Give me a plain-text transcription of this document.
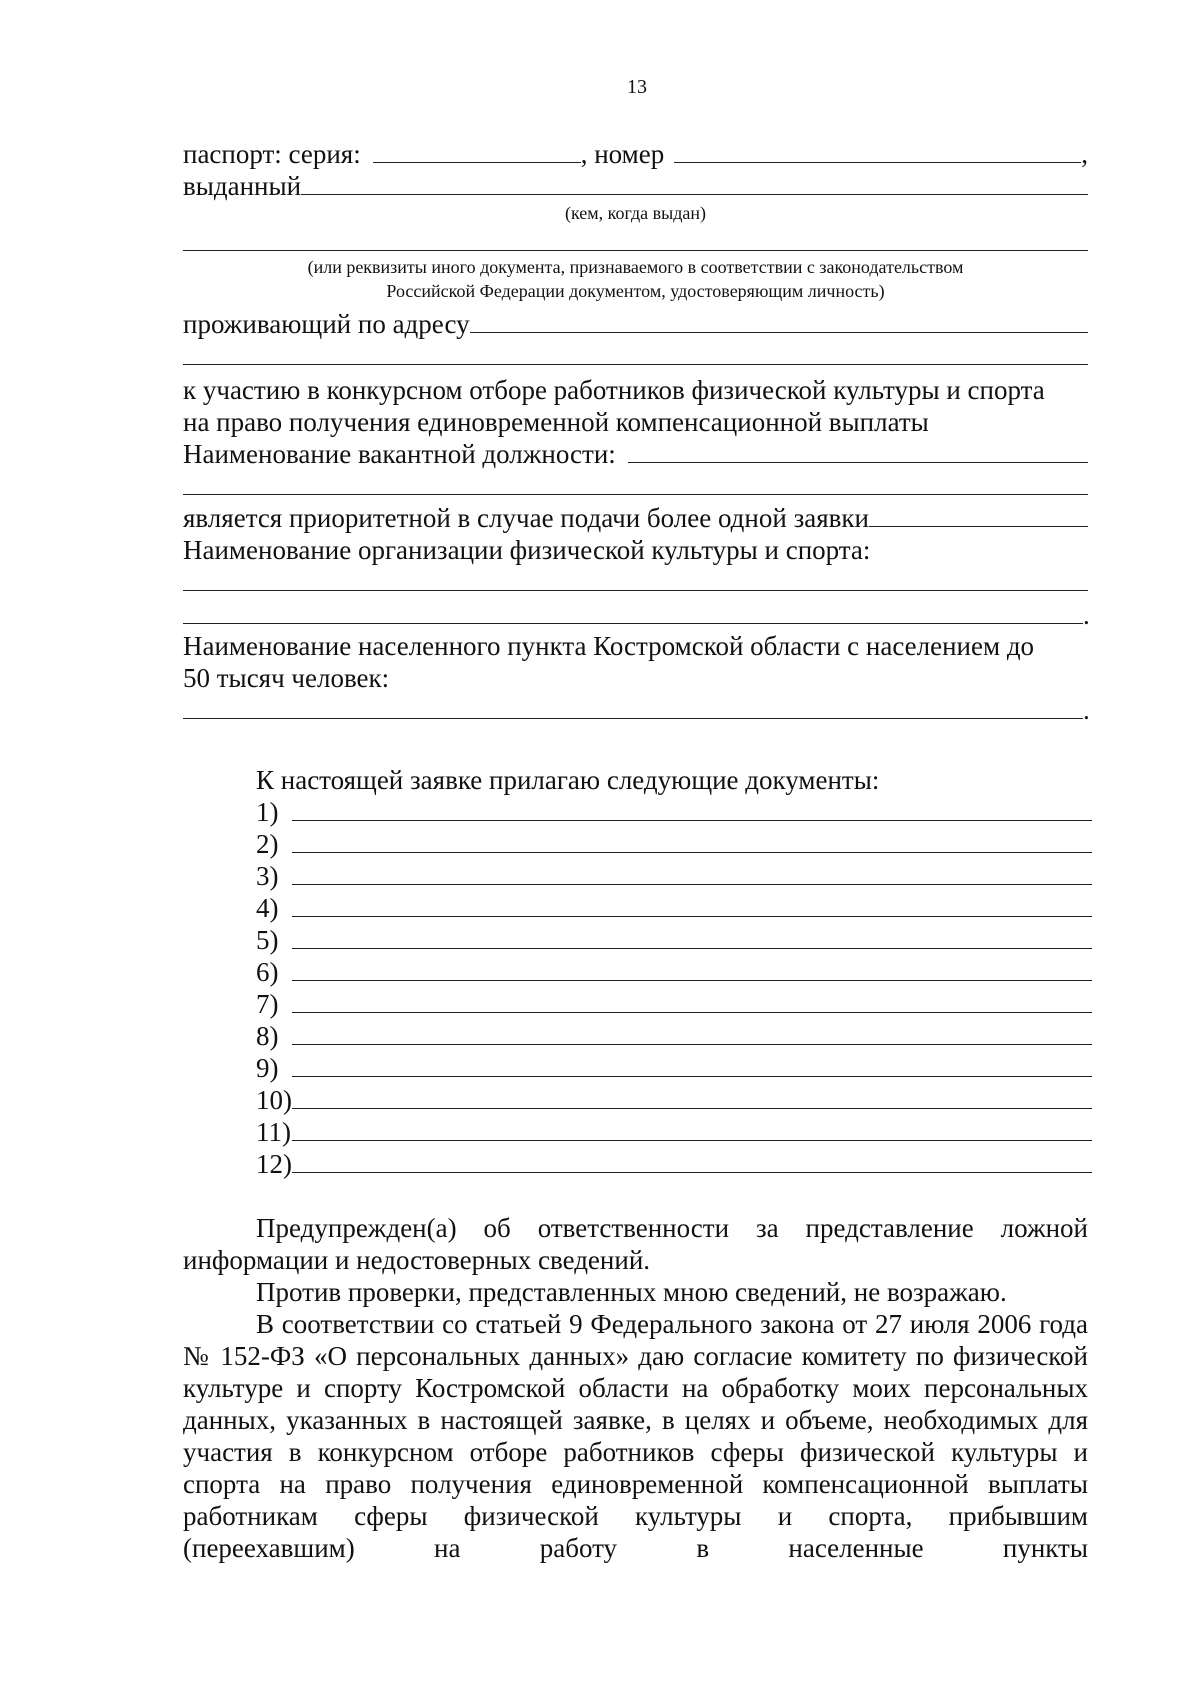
13
паспорт: серия:	, номер	,
выданный
(кем, когда выдан)
(или реквизиты иного документа, признаваемого в соответствии с законодательством
Российской Федерации документом, удостоверяющим личность)
проживающий по адресу
к участию в конкурсном отборе работников физической культуры и спорта
на право получения единовременной компенсационной выплаты
Наименование вакантной должности:
является приоритетной в случае подачи более одной заявки
Наименование организации физической культуры и спорта:
.
Наименование населенного пункта Костромской области с населением до
50 тысяч человек:
.
К настоящей заявке прилагаю следующие документы:
1)
2)
3)
4)
5)
6)
7)
8)
9)
10)
11)
12)

Предупрежден(а) об ответственности за представление ложной информации и недостоверных сведений.

Против проверки, представленных мною сведений, не возражаю.

В соответствии со статьей 9 Федерального закона от 27 июля 2006 года № 152-ФЗ «О персональных данных» даю согласие комитету по физической культуре и спорту Костромской области на обработку моих персональных данных, указанных в настоящей заявке, в целях и объеме, необходимых для участия в конкурсном отборе работников сферы физической культуры и спорта на право получения единовременной компенсационной выплаты работникам сферы физической культуры и спорта, прибывшим (переехавшим) на работу в населенные пункты
